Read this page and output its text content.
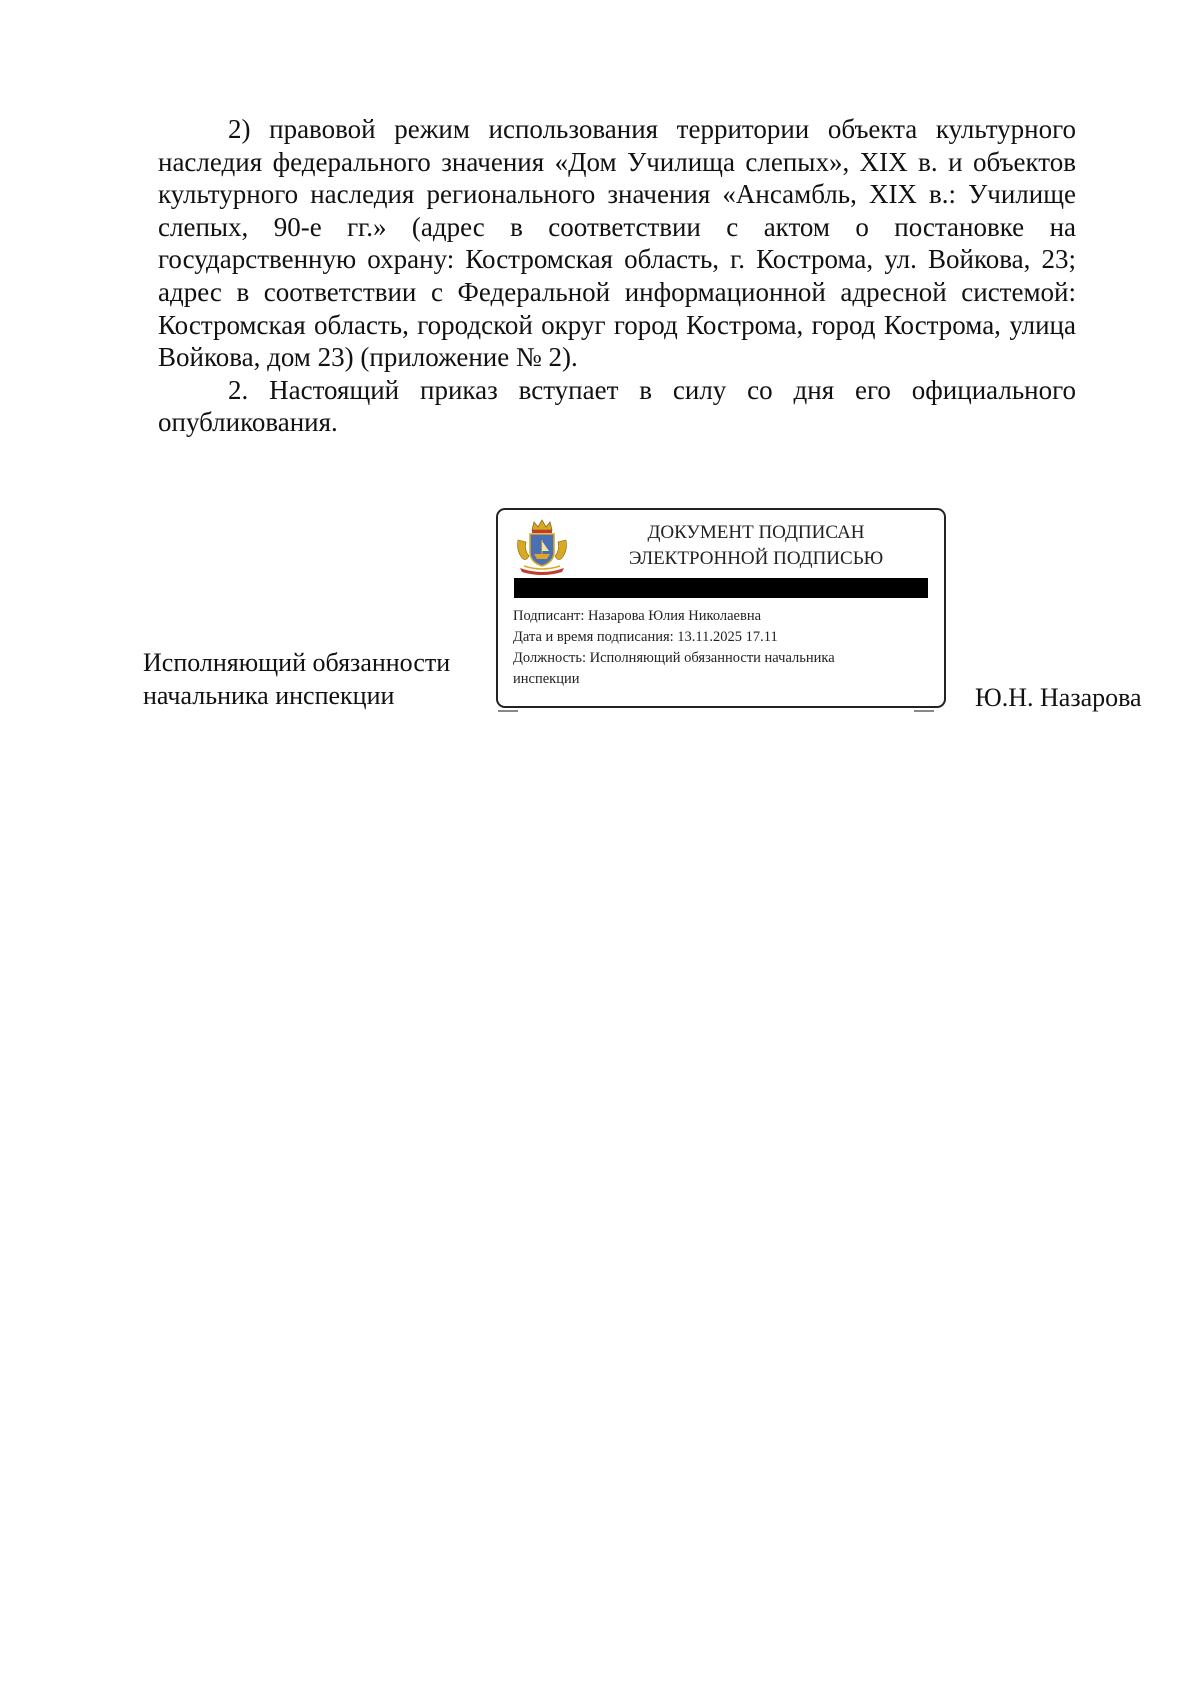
2) правовой режим использования территории объекта культурного наследия федерального значения «Дом Училища слепых», XIX в. и объектов культурного наследия регионального значения «Ансамбль, XIX в.: Училище слепых, 90-е гг.» (адрес в соответствии с актом о постановке на государственную охрану: Костромская область, г. Кострома, ул. Войкова, 23; адрес в соответствии с Федеральной информационной адресной системой: Костромская область, городской округ город Кострома, город Кострома, улица Войкова, дом 23) (приложение № 2).

2. Настоящий приказ вступает в силу со дня его официального опубликования.

Исполняющий обязанности
начальника инспекции
ДОКУМЕНТ ПОДПИСАН
ЭЛЕКТРОННОЙ ПОДПИСЬЮ
Подписант: Назарова Юлия Николаевна
Дата и время подписания: 13.11.2025 17.11
Должность: Исполняющий обязанности начальника
инспекции
Ю.Н. Назарова
